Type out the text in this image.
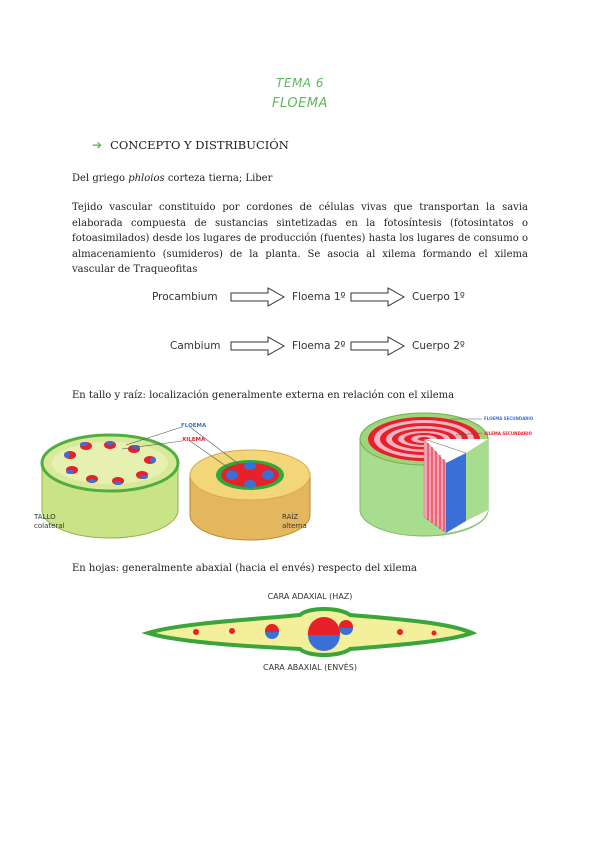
TEMA 6
FLOEMA
➔ CONCEPTO Y DISTRIBUCIÓN
Del griego phloios corteza tierna; Liber
Tejido vascular constituido por cordones de células vivas que transportan la savia elaborada compuesta de sustancias sintetizadas en la fotosíntesis (fotosintatos o fotoasimilados) desde los lugares de producción (fuentes) hasta los lugares de consumo o almacenamiento (sumideros) de la planta. Se asocia al xilema formando el xilema vascular de Traqueofitas
Procambium	Floema 1º	Cuerpo 1º
Cambium	Floema 2º	Cuerpo 2º
En tallo y raíz: localización generalmente externa en relación con el xilema
FLOEMA
XILEMA
TALLO
colateral
RAÍZ
alterna
FLOEMA SECUNDARIO
XILEMA SECUNDARIO
En hojas: generalmente abaxial (hacia el envés) respecto del xilema
CARA ADAXIAL (HAZ)
CARA ABAXIAL (ENVÉS)
